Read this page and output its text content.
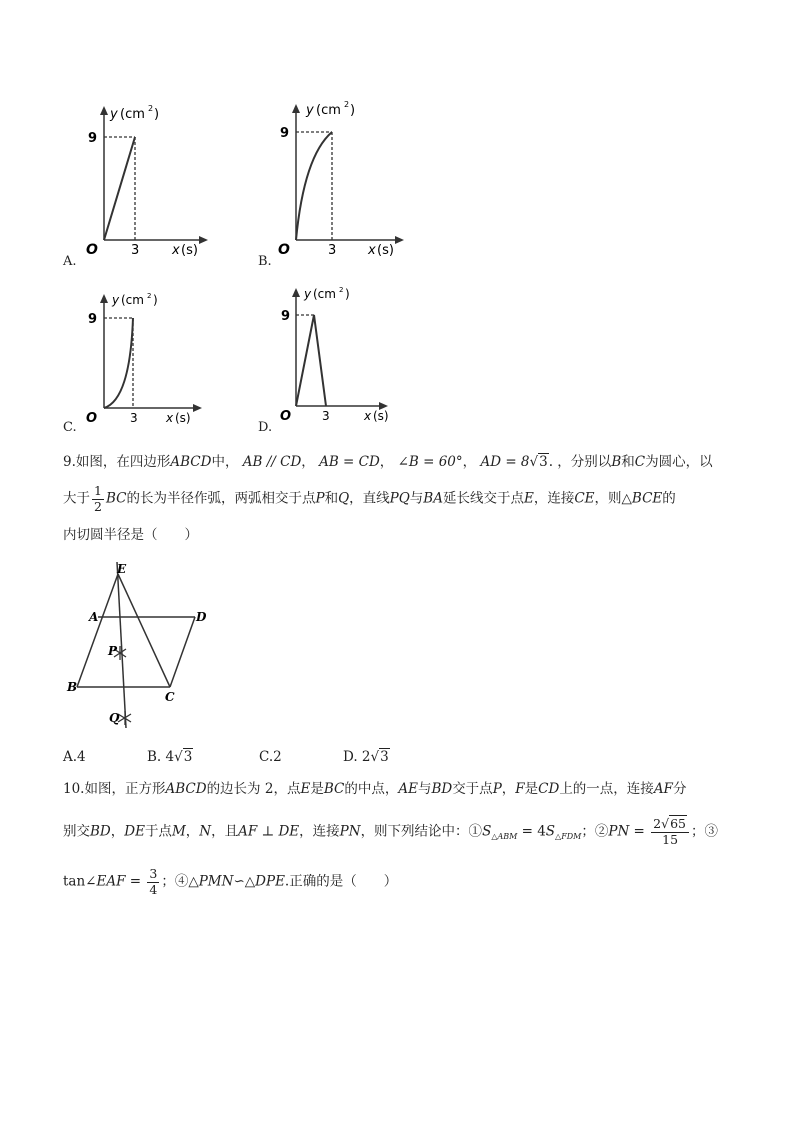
y (cm 2 )
9
O	3	x (s)
A.
y (cm 2 )
9
O	3 x (s)
B.
y (cm 2 )
9
O	3 x (s)
C.
y (cm 2 )
9
O	3	x (s)
D.
9.如图，在四边形ABCD中， AB // CD， AB = CD， ∠B = 60°， AD = 8√3. ，分别以B和C为圆心，以
大于 $\frac{1}{2}$ BC的长为半径作弧，两弧相交于点P和Q，直线PQ与BA延长线交于点E，连接CE，则△BCE的
内切圆半径是（　　）
E
A	D
P
B
C
Q
A.4	B. 4√3	C.2	D. 2√3
10.如图，正方形ABCD的边长为 2，点E是BC的中点，AE与BD交于点P，F是CD上的一点，连接AF分
别交BD，DE于点M，N，且AF ⊥ DE，连接PN，则下列结论中：$①S_{\triangle ABM} = 4S_{\triangle FDM}$；②PN = $\frac{2√65}{15}$ ；③
tan∠EAF = $\frac{3}{4}$ ；④△PMN∽△DPE.正确的是（　　）
